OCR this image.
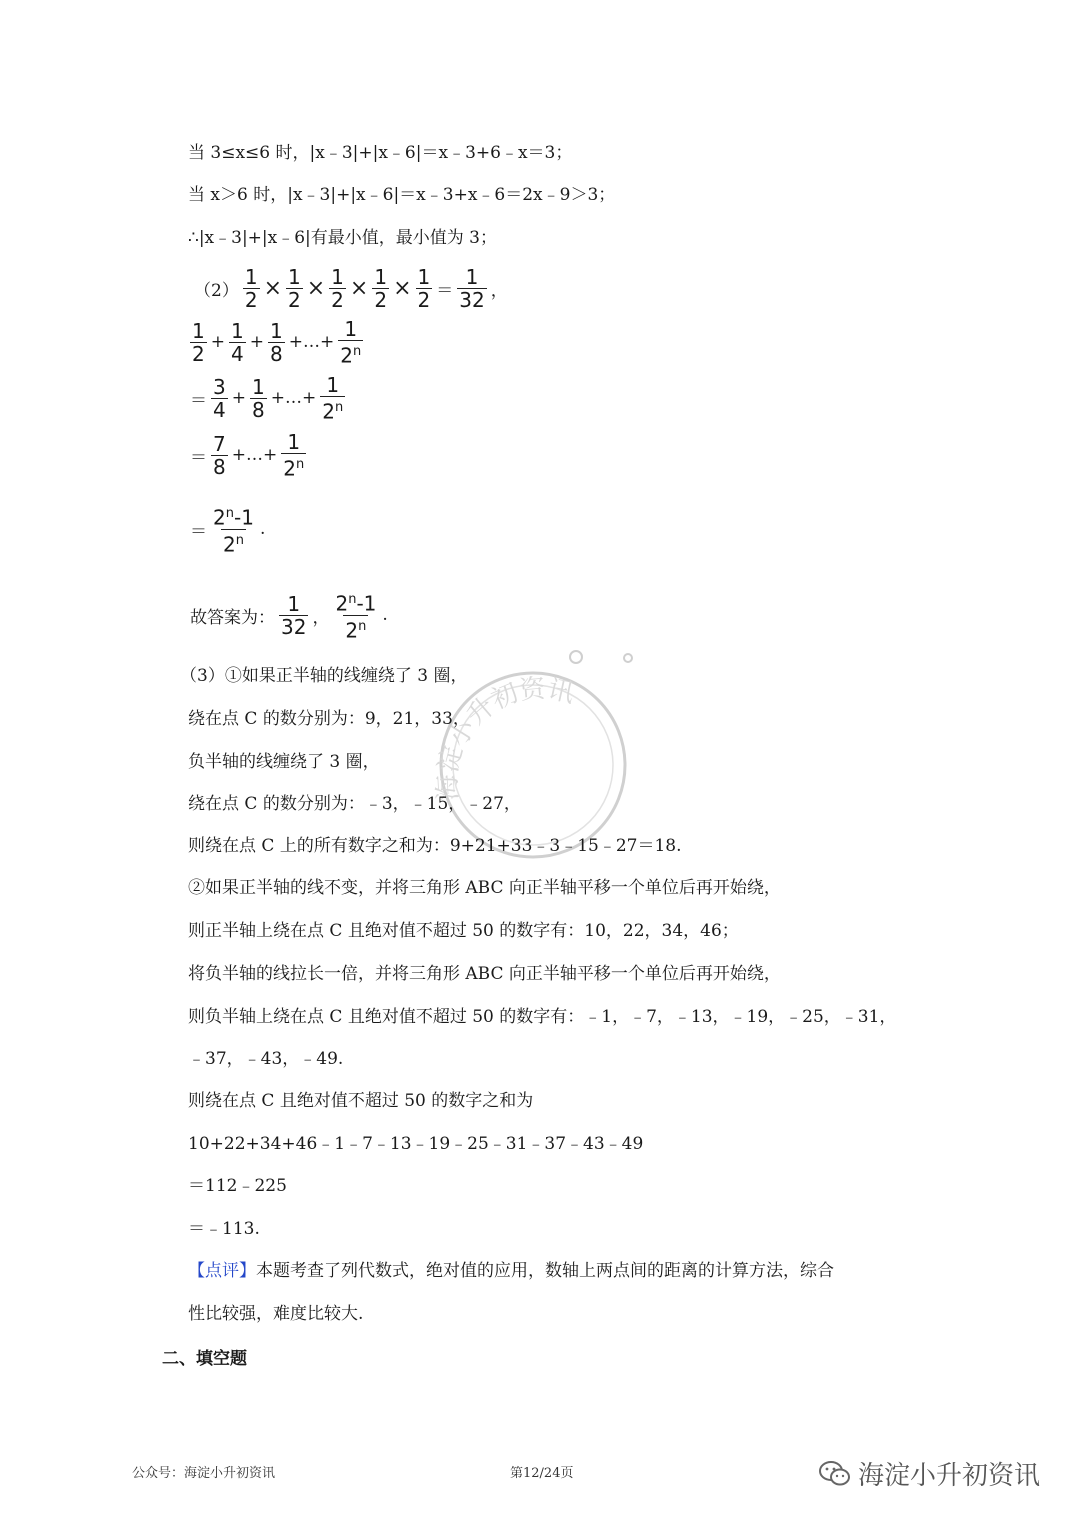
海淀小升初资讯
当 3≤x≤6 时，|x﹣3|+|x﹣6|＝x﹣3+6﹣x＝3；
当 x＞6 时，|x﹣3|+|x﹣6|＝x﹣3+x﹣6＝2x﹣9＞3；
∴|x﹣3|+|x﹣6|有最小值，最小值为 3；
$(2) \frac{1}{2} \times \frac{1}{2} \times \frac{1}{2} \times \frac{1}{2} \times \frac{1}{2} = \frac{1}{32}$ ，
$\frac{1}{2} + \frac{1}{4} + \frac{1}{8}$ +…+ $\frac{1}{2^n}$
＝ $\frac{3}{4} + \frac{1}{8}$ +…+ $\frac{1}{2^n}$
＝ $\frac{7}{8}$ +…+ $\frac{1}{2^n}$
＝ $\frac{2^n-1}{2^n}$ .
故答案为： $\frac{1}{32}$ ， $\frac{2^n-1}{2^n}$ .
（3）①如果正半轴的线缠绕了 3 圈，
绕在点 C 的数分别为：9，21，33，
负半轴的线缠绕了 3 圈，
绕在点 C 的数分别为：﹣3，﹣15，﹣27，
则绕在点 C 上的所有数字之和为：9+21+33﹣3﹣15﹣27＝18.
②如果正半轴的线不变，并将三角形 ABC 向正半轴平移一个单位后再开始绕，
则正半轴上绕在点 C 且绝对值不超过 50 的数字有：10，22，34，46；
将负半轴的线拉长一倍，并将三角形 ABC 向正半轴平移一个单位后再开始绕，
则负半轴上绕在点 C 且绝对值不超过 50 的数字有：﹣1，﹣7，﹣13，﹣19，﹣25，﹣31，
﹣37，﹣43，﹣49.
则绕在点 C 且绝对值不超过 50 的数字之和为
10+22+34+46﹣1﹣7﹣13﹣19﹣25﹣31﹣37﹣43﹣49
＝112﹣225
＝﹣113.
【点评】本题考查了列代数式，绝对值的应用，数轴上两点间的距离的计算方法，综合
性比较强，难度比较大.
二、填空题
公众号：海淀小升初资讯	第12/24页	海淀小升初资讯
